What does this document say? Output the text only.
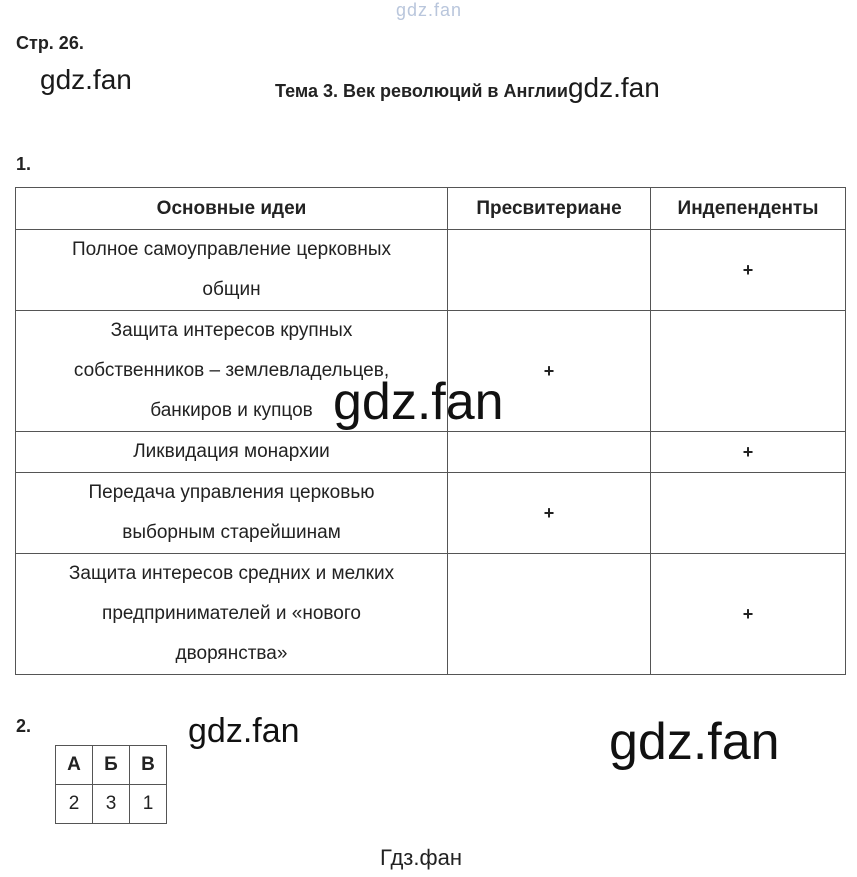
gdz.fan
Стр. 26.
gdz.fan	Тема 3. Век революций в Англииgdz.fan
1.
Основные идеи	Пресвитериане	Индепенденты

Полное самоуправление церковных
общин		+

Защита интересов крупных
собственников – землевладельцев,
банкиров и купцов	+	

Ликвидация монархии		+

Передача управления церковью
выборным старейшинам	+	

Защита интересов средних и мелких
предпринимателей и «нового
дворянства»		+
gdz.fan
2.	gdz.fan	gdz.fan
А	Б	В
2	3	1
Гдз.фан
